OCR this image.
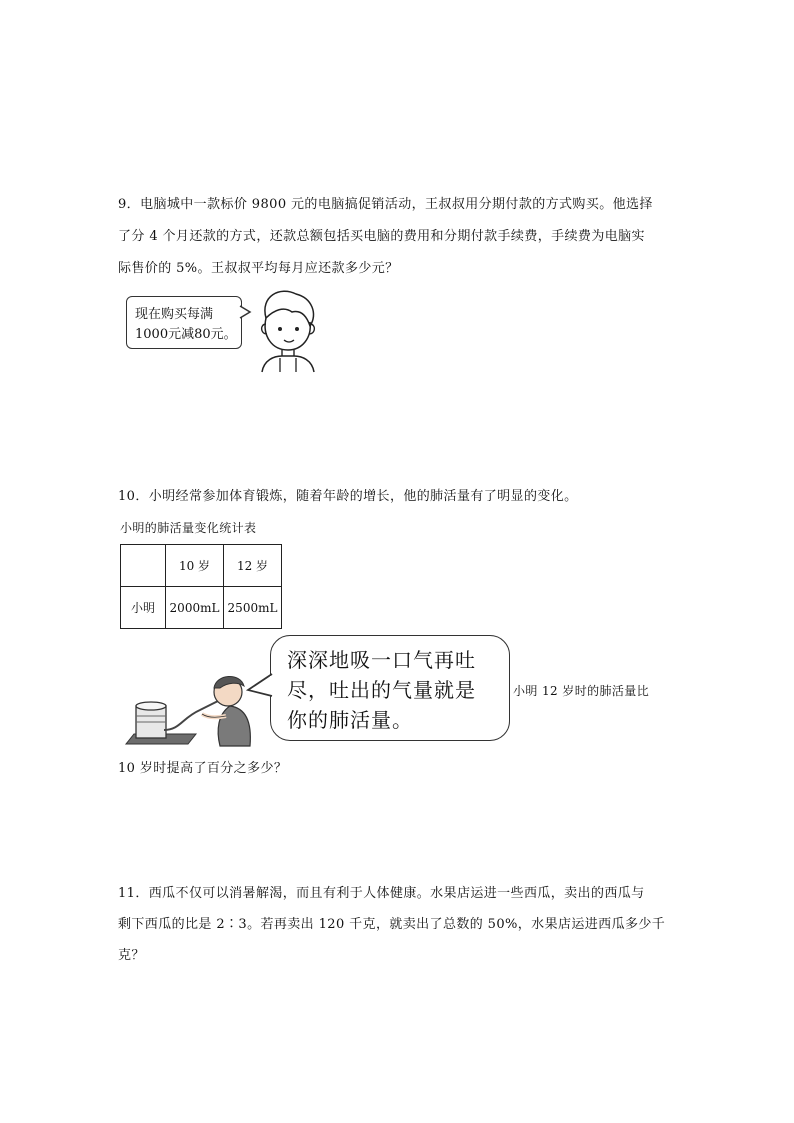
9．电脑城中一款标价 9800 元的电脑搞促销活动，王叔叔用分期付款的方式购买。他选择
了分 4 个月还款的方式，还款总额包括买电脑的费用和分期付款手续费，手续费为电脑实
际售价的 5%。王叔叔平均每月应还款多少元？
现在购买每满
1000元减80元。
10．小明经常参加体育锻炼，随着年龄的增长，他的肺活量有了明显的变化。
小明的肺活量变化统计表
	10 岁	12 岁
小明	2000mL	2500mL
深深地吸一口气再吐
尽，吐出的气量就是
你的肺活量。
小明 12 岁时的肺活量比
10 岁时提高了百分之多少？
11．西瓜不仅可以消暑解渴，而且有利于人体健康。水果店运进一些西瓜，卖出的西瓜与
剩下西瓜的比是 2∶3。若再卖出 120 千克，就卖出了总数的 50%，水果店运进西瓜多少千
克？
